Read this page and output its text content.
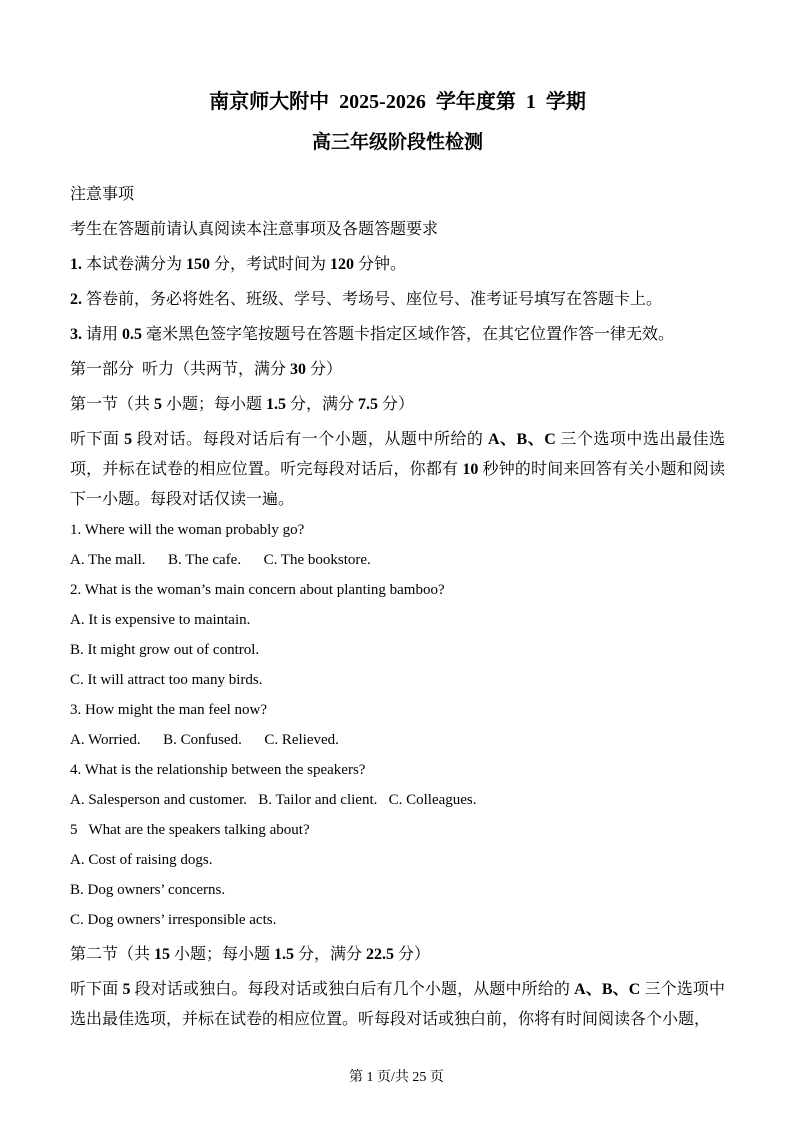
南京师大附中  2025-2026  学年度第  1  学期
高三年级阶段性检测
注意事项
考生在答题前请认真阅读本注意事项及各题答题要求
1. 本试卷满分为 150 分，考试时间为 120 分钟。
2. 答卷前，务必将姓名、班级、学号、考场号、座位号、准考证号填写在答题卡上。
3. 请用 0.5 毫米黑色签字笔按题号在答题卡指定区域作答，在其它位置作答一律无效。
第一部分  听力（共两节，满分 30 分）
第一节（共 5 小题；每小题 1.5 分，满分 7.5 分）
听下面 5 段对话。每段对话后有一个小题，从题中所给的 A、B、C 三个选项中选出最佳选项，并标在试卷的相应位置。听完每段对话后，你都有 10 秒钟的时间来回答有关小题和阅读下一小题。每段对话仅读一遍。
1. Where will the woman probably go?
A. The mall.      B. The cafe.      C. The bookstore.
2. What is the woman’s main concern about planting bamboo?
A. It is expensive to maintain.
B. It might grow out of control.
C. It will attract too many birds.
3. How might the man feel now?
A. Worried.      B. Confused.      C. Relieved.
4. What is the relationship between the speakers?
A. Salesperson and customer.   B. Tailor and client.   C. Colleagues.
5   What are the speakers talking about?
A. Cost of raising dogs.
B. Dog owners’ concerns.
C. Dog owners’ irresponsible acts.
第二节（共 15 小题；每小题 1.5 分，满分 22.5 分）
听下面 5 段对话或独白。每段对话或独白后有几个小题，从题中所给的 A、B、C 三个选项中选出最佳选项，并标在试卷的相应位置。听每段对话或独白前，你将有时间阅读各个小题，
第 1 页/共 25 页
